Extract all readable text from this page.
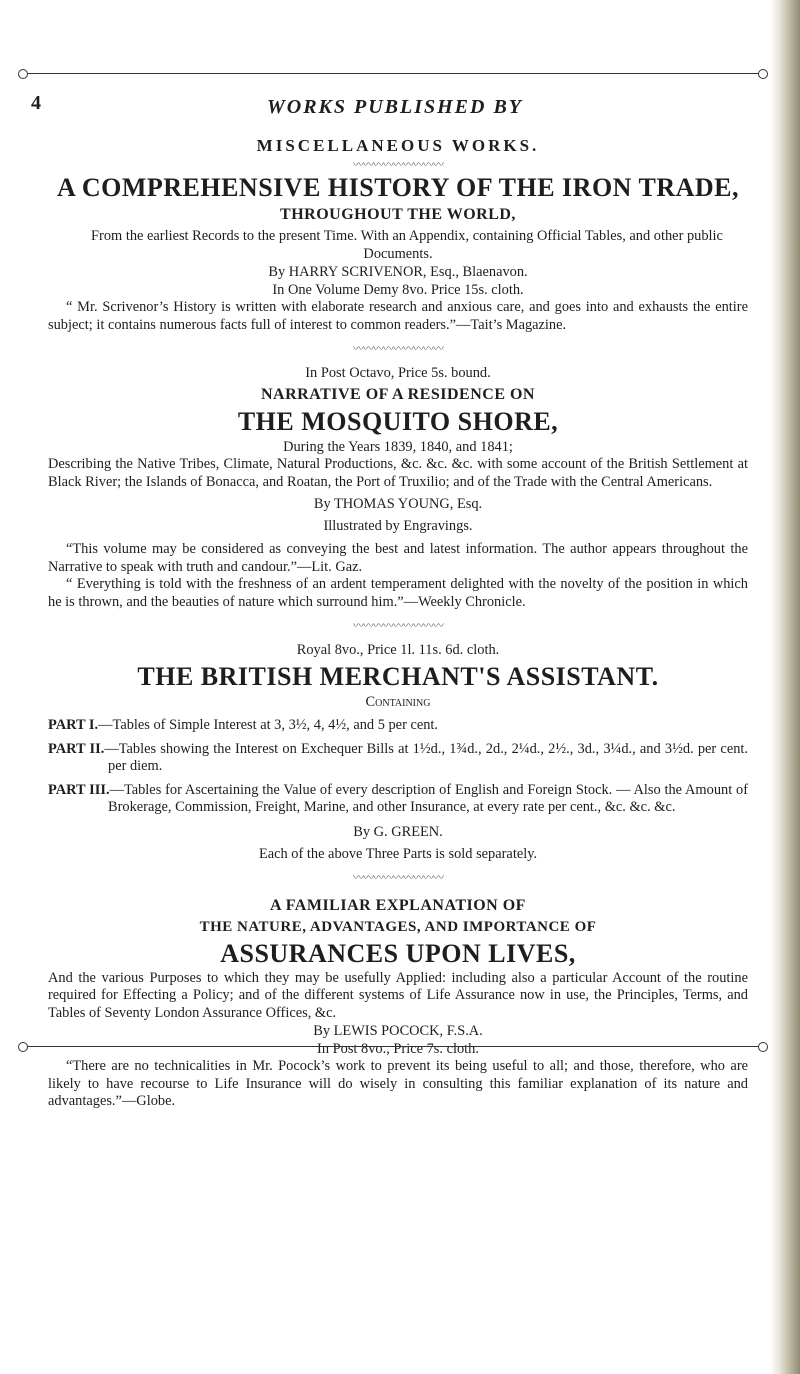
4	WORKS PUBLISHED BY
MISCELLANEOUS WORKS.
〰〰〰〰〰〰〰〰〰
A COMPREHENSIVE HISTORY OF THE IRON TRADE,
THROUGHOUT THE WORLD,

From the earliest Records to the present Time. With an Appendix, containing Official Tables, and other public Documents.

By HARRY SCRIVENOR, Esq., Blaenavon.
In One Volume Demy 8vo. Price 15s. cloth.

“ Mr. Scrivenor’s History is written with elaborate research and anxious care, and goes into and exhausts the entire subject; it contains numerous facts full of interest to common readers.”—Tait’s Magazine.

〰〰〰〰〰〰〰〰〰
In Post Octavo, Price 5s. bound.
NARRATIVE OF A RESIDENCE ON
THE MOSQUITO SHORE,
During the Years 1839, 1840, and 1841;

Describing the Native Tribes, Climate, Natural Productions, &c. &c. &c. with some account of the British Settlement at Black River; the Islands of Bonacca, and Roatan, the Port of Truxilio; and of the Trade with the Central Americans.

By THOMAS YOUNG, Esq.
Illustrated by Engravings.

“This volume may be considered as conveying the best and latest information. The author appears throughout the Narrative to speak with truth and candour.”—Lit. Gaz.

“ Everything is told with the freshness of an ardent temperament delighted with the novelty of the position in which he is thrown, and the beauties of nature which surround him.”—Weekly Chronicle.

〰〰〰〰〰〰〰〰〰
Royal 8vo., Price 1l. 11s. 6d. cloth.
THE BRITISH MERCHANT'S ASSISTANT.
Containing

PART I.—Tables of Simple Interest at 3, 3½, 4, 4½, and 5 per cent.

PART II.—Tables showing the Interest on Exchequer Bills at 1½d., 1¾d., 2d., 2¼d., 2½., 3d., 3¼d., and 3½d. per cent. per diem.

PART III.—Tables for Ascertaining the Value of every description of English and Foreign Stock. — Also the Amount of Brokerage, Commission, Freight, Marine, and other Insurance, at every rate per cent., &c. &c. &c.

By G. GREEN.
Each of the above Three Parts is sold separately.
〰〰〰〰〰〰〰〰〰
A FAMILIAR EXPLANATION OF
THE NATURE, ADVANTAGES, AND IMPORTANCE OF
ASSURANCES UPON LIVES,

And the various Purposes to which they may be usefully Applied: including also a particular Account of the routine required for Effecting a Policy; and of the different systems of Life Assurance now in use, the Principles, Terms, and Tables of Seventy London Assurance Offices, &c.

By LEWIS POCOCK, F.S.A.
In Post 8vo., Price 7s. cloth.

“There are no technicalities in Mr. Pocock’s work to prevent its being useful to all; and those, therefore, who are likely to have recourse to Life Insurance will do wisely in consulting this familiar explanation of its nature and advantages.”—Globe.
